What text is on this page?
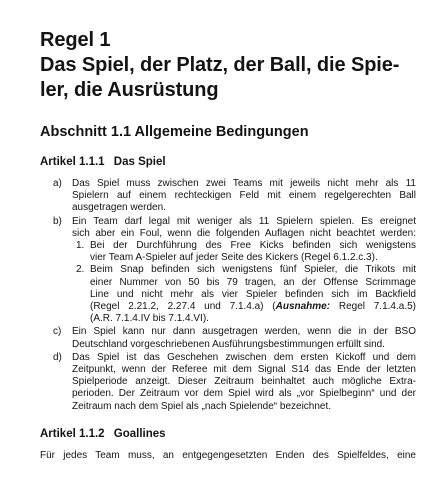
Regel 1
Das Spiel, der Platz, der Ball, die Spie-
ler, die Ausrüstung
Abschnitt 1.1 Allgemeine Bedingungen
Artikel 1.1.1 Das Spiel
a) Das Spiel muss zwischen zwei Teams mit jeweils nicht mehr als 11
Spielern auf einem rechteckigen Feld mit einem regelgerechten Ball
ausgetragen werden.
b) Ein Team darf legal mit weniger als 11 Spielern spielen. Es ereignet
sich aber ein Foul, wenn die folgenden Auflagen nicht beachtet werden:
1. Bei der Durchführung des Free Kicks befinden sich wenigstens
vier Team A-Spieler auf jeder Seite des Kickers (Regel 6.1.2.c.3).
2. Beim Snap befinden sich wenigstens fünf Spieler, die Trikots mit
einer Nummer von 50 bis 79 tragen, an der Offense Scrimmage
Line und nicht mehr als vier Spieler befinden sich im Backfield
(Regel 2.21.2, 2.27.4 und 7.1.4.a) (Ausnahme: Regel 7.1.4.a.5)
(A.R. 7.1.4.IV bis 7.1.4.VI).
c) Ein Spiel kann nur dann ausgetragen werden, wenn die in der BSO
Deutschland vorgeschriebenen Ausführungsbestimmungen erfüllt sind.
d) Das Spiel ist das Geschehen zwischen dem ersten Kickoff und dem
Zeitpunkt, wenn der Referee mit dem Signal S14 das Ende der letzten
Spielperiode anzeigt. Dieser Zeitraum beinhaltet auch mögliche Extra-
perioden. Der Zeitraum vor dem Spiel wird als „vor Spielbeginn“ und der
Zeitraum nach dem Spiel als „nach Spielende“ bezeichnet.
Artikel 1.1.2 Goallines

Für jedes Team muss, an entgegengesetzten Enden des Spielfeldes, eine
